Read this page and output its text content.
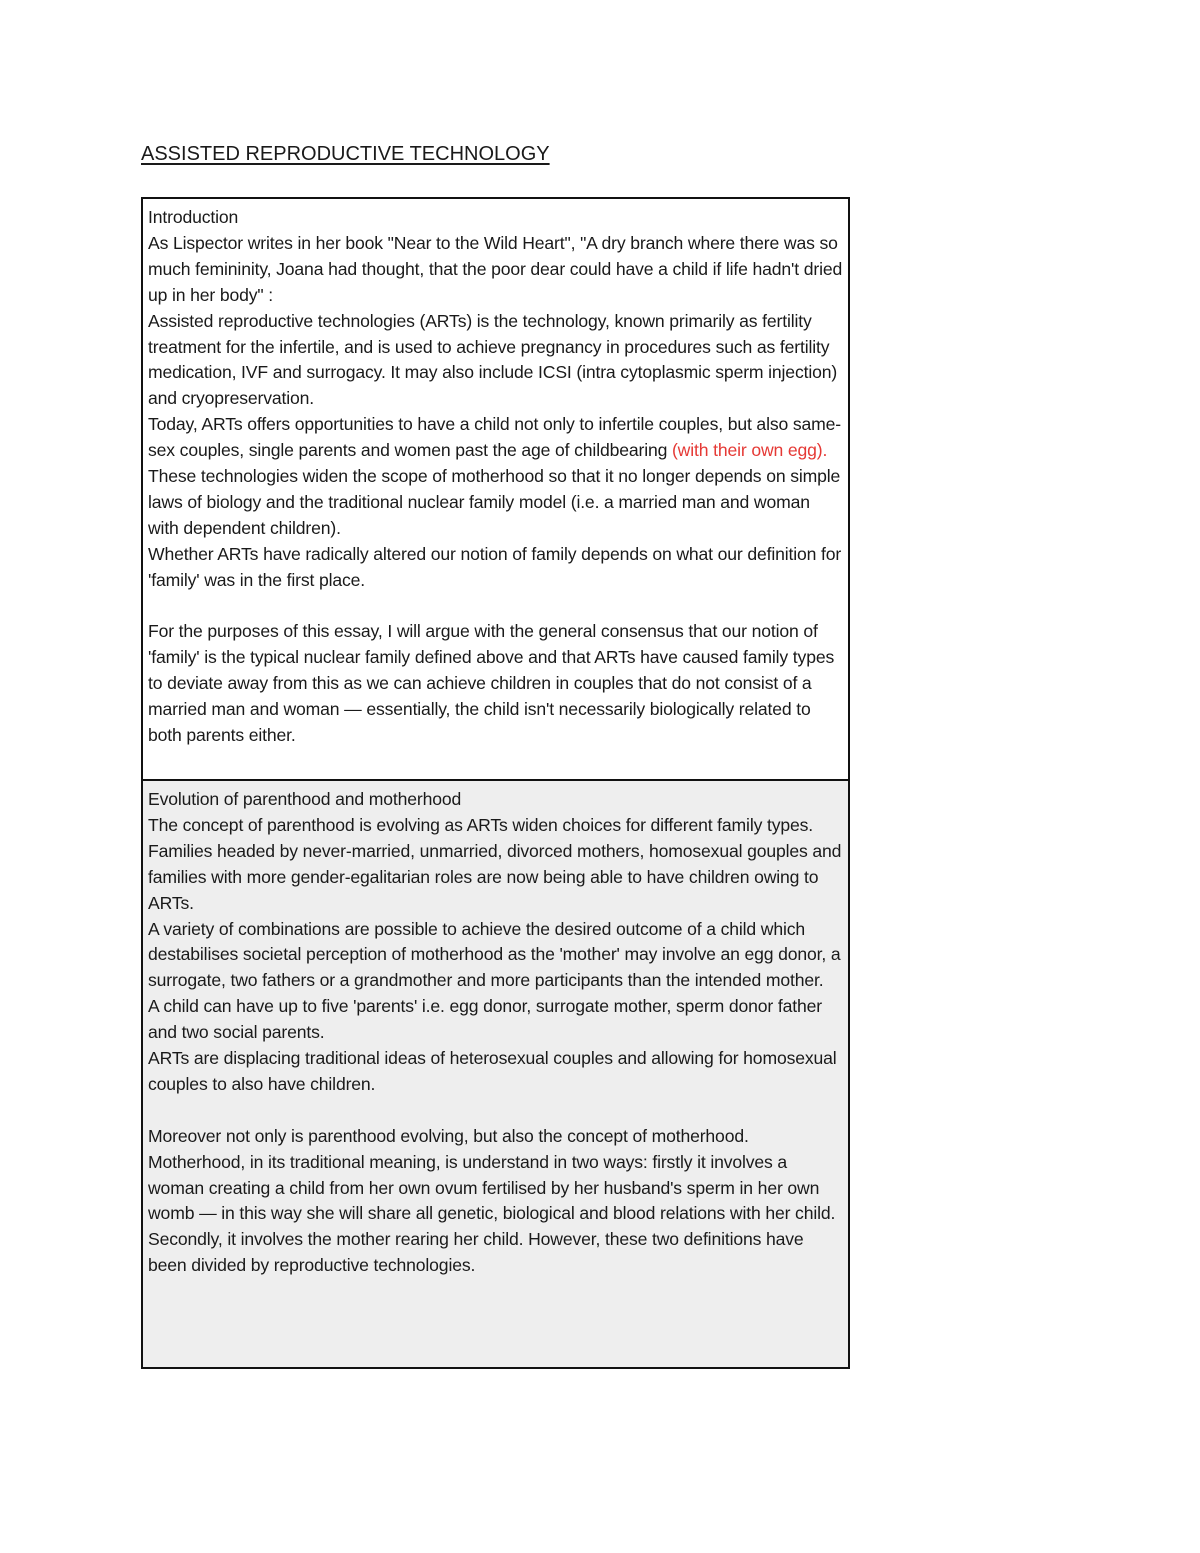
ASSISTED REPRODUCTIVE TECHNOLOGY

Introduction

As Lispector writes in her book "Near to the Wild Heart", "A dry branch where there was so much femininity, Joana had thought, that the poor dear could have a child if life hadn't dried up in her body" :

Assisted reproductive technologies (ARTs) is the technology, known primarily as fertility treatment for the infertile, and is used to achieve pregnancy in procedures such as fertility medication, IVF and surrogacy. It may also include ICSI (intra cytoplasmic sperm injection) and cryopreservation.

Today, ARTs offers opportunities to have a child not only to infertile couples, but also same-sex couples, single parents and women past the age of childbearing (with their own egg).

These technologies widen the scope of motherhood so that it no longer depends on simple laws of biology and the traditional nuclear family model (i.e. a married man and woman with dependent children).

Whether ARTs have radically altered our notion of family depends on what our definition for 'family' was in the first place.

For the purposes of this essay, I will argue with the general consensus that our notion of 'family' is the typical nuclear family defined above and that ARTs have caused family types to deviate away from this as we can achieve children in couples that do not consist of a married man and woman — essentially, the child isn't necessarily biologically related to both parents either.

Evolution of parenthood and motherhood

The concept of parenthood is evolving as ARTs widen choices for different family types.

Families headed by never-married, unmarried, divorced mothers, homosexual gouples and families with more gender-egalitarian roles are now being able to have children owing to ARTs.

A variety of combinations are possible to achieve the desired outcome of a child which destabilises societal perception of motherhood as the 'mother' may involve an egg donor, a surrogate, two fathers or a grandmother and more participants than the intended mother.

A child can have up to five 'parents' i.e. egg donor, surrogate mother, sperm donor father and two social parents.

ARTs are displacing traditional ideas of heterosexual couples and allowing for homosexual couples to also have children.

Moreover not only is parenthood evolving, but also the concept of motherhood. Motherhood, in its traditional meaning, is understand in two ways: firstly it involves a woman creating a child from her own ovum fertilised by her husband's sperm in her own womb — in this way she will share all genetic, biological and blood relations with her child. Secondly, it involves the mother rearing her child. However, these two definitions have been divided by reproductive technologies.
